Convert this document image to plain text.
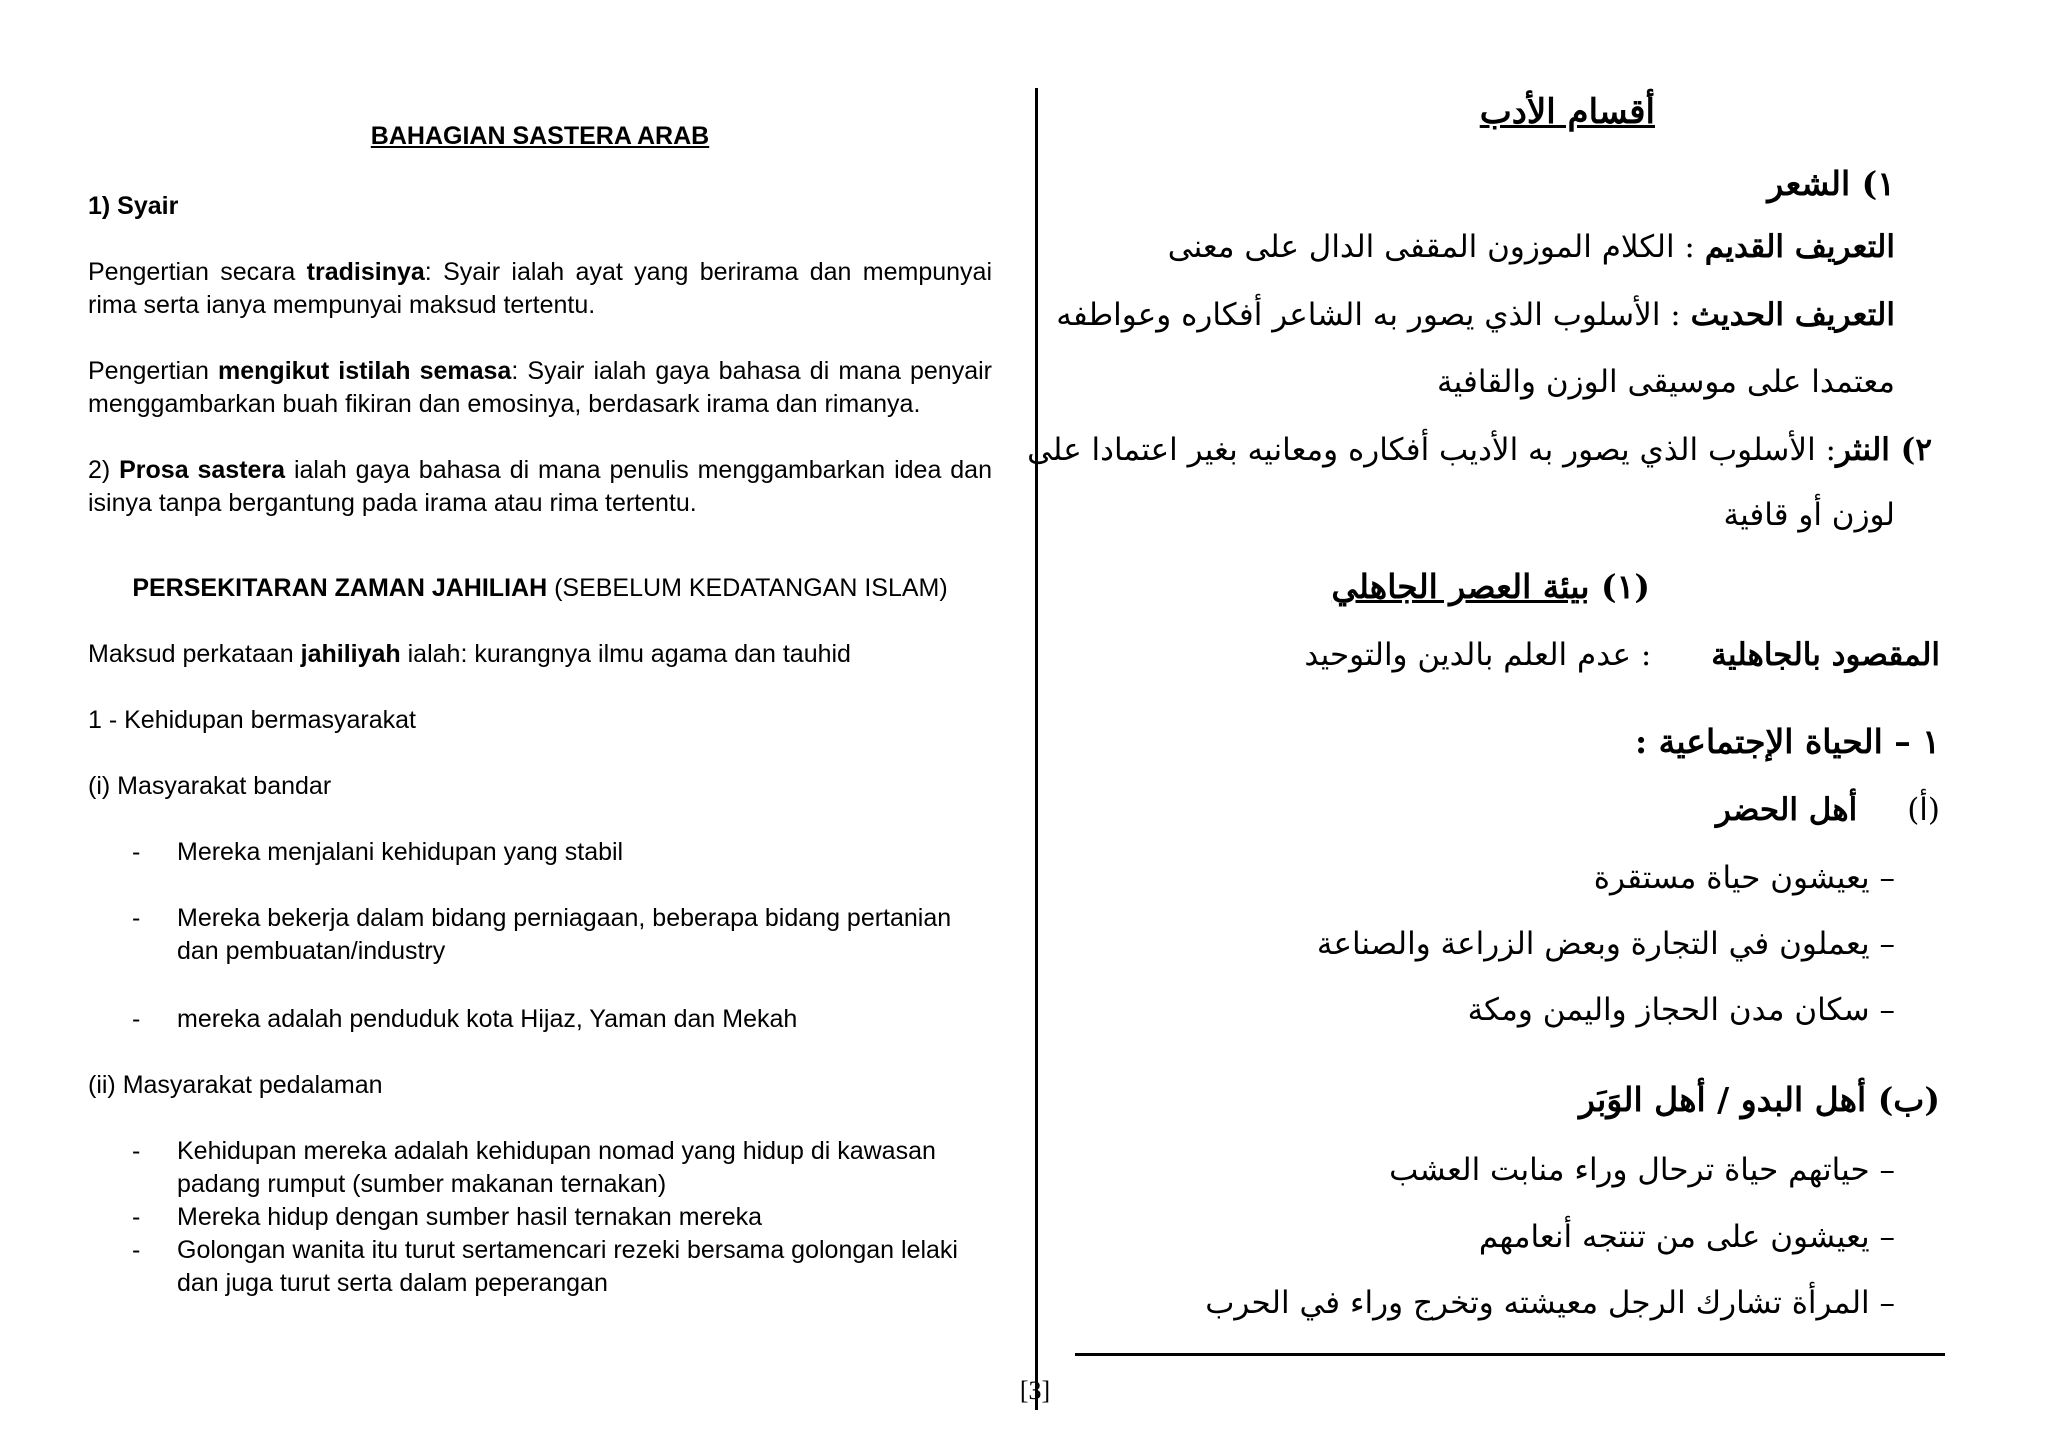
BAHAGIAN SASTERA ARAB

1) Syair

Pengertian secara tradisinya: Syair ialah ayat yang berirama dan mempunyai rima serta ianya mempunyai maksud tertentu.

Pengertian mengikut istilah semasa: Syair ialah gaya bahasa di mana penyair menggambarkan buah fikiran dan emosinya, berdasark irama dan rimanya.

2) Prosa sastera ialah gaya bahasa di mana penulis menggambarkan idea dan isinya tanpa bergantung pada irama atau rima tertentu.

PERSEKITARAN ZAMAN JAHILIAH (SEBELUM KEDATANGAN ISLAM)

Maksud perkataan jahiliyah ialah: kurangnya ilmu agama dan tauhid

1 - Kehidupan bermasyarakat

(i) Masyarakat bandar

- Mereka menjalani kehidupan yang stabil
- Mereka bekerja dalam bidang perniagaan, beberapa bidang pertanian dan pembuatan/industry
- mereka adalah penduduk kota Hijaz, Yaman dan Mekah

(ii) Masyarakat pedalaman

- Kehidupan mereka adalah kehidupan nomad yang hidup di kawasan padang rumput (sumber makanan ternakan)
- Mereka hidup dengan sumber hasil ternakan mereka
- Golongan wanita itu turut sertamencari rezeki bersama golongan lelaki dan juga turut serta dalam peperangan
[3]
أقسام الأدب
١) الشعر
التعريف القديم : الكلام الموزون المقفى الدال على معنى
التعريف الحديث : الأسلوب الذي يصور به الشاعر أفكاره وعواطفه
معتمدا على موسيقى الوزن والقافية
٢) النثر: الأسلوب الذي يصور به الأديب أفكاره ومعانيه بغير اعتمادا على
لوزن أو قافية
(١) بيئة العصر الجاهلي
المقصود بالجاهلية: عدم العلم بالدين والتوحيد
١ – الحياة الإجتماعية :
(أ)أهل الحضر
– يعيشون حياة مستقرة
– يعملون في التجارة وبعض الزراعة والصناعة
– سكان مدن الحجاز واليمن ومكة
(ب) أهل البدو / أهل الوَبَر
– حياتهم حياة ترحال وراء منابت العشب
– يعيشون على من تنتجه أنعامهم
– المرأة تشارك الرجل معيشته وتخرج وراء في الحرب
